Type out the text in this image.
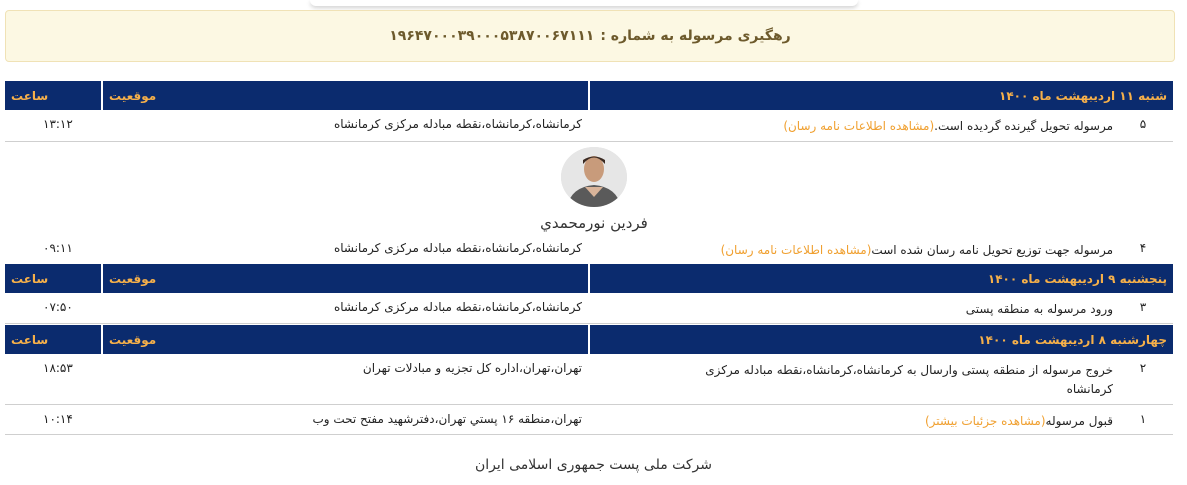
رهگیری مرسوله به شماره :
۱۹۶۴۷۰۰۰۳۹۰۰۰۵۳۸۷۰۰۶۷۱۱۱
شنبه ۱۱ اردیبهشت ماه ۱۴۰۰
موقعیت
ساعت
۵
مرسوله تحویل گیرنده گردیده است.(مشاهده اطلاعات نامه رسان)
کرمانشاه،کرمانشاه،نقطه مبادله مرکزی کرمانشاه
۱۳:۱۲
فردین نورمحمدي
۴
مرسوله جهت توزیع تحویل نامه رسان شده است(مشاهده اطلاعات نامه رسان)
کرمانشاه،کرمانشاه،نقطه مبادله مرکزی کرمانشاه
۰۹:۱۱
پنجشنبه ۹ اردیبهشت ماه ۱۴۰۰
موقعیت
ساعت
۳
ورود مرسوله به منطقه پستی
کرمانشاه،کرمانشاه،نقطه مبادله مرکزی کرمانشاه
۰۷:۵۰
چهارشنبه ۸ اردیبهشت ماه ۱۴۰۰
موقعیت
ساعت
۲
خروج مرسوله از منطقه پستی وارسال به کرمانشاه،کرمانشاه،نقطه مبادله مرکزی کرمانشاه
تهران،تهران،اداره کل تجزیه و مبادلات تهران
۱۸:۵۳
۱
قبول مرسوله(مشاهده جزئیات بیشتر)
تهران،منطقه ۱۶ پستي تهران،دفترشهید مفتح تحت وب
۱۰:۱۴
شرکت ملی پست جمهوری اسلامی ایران
